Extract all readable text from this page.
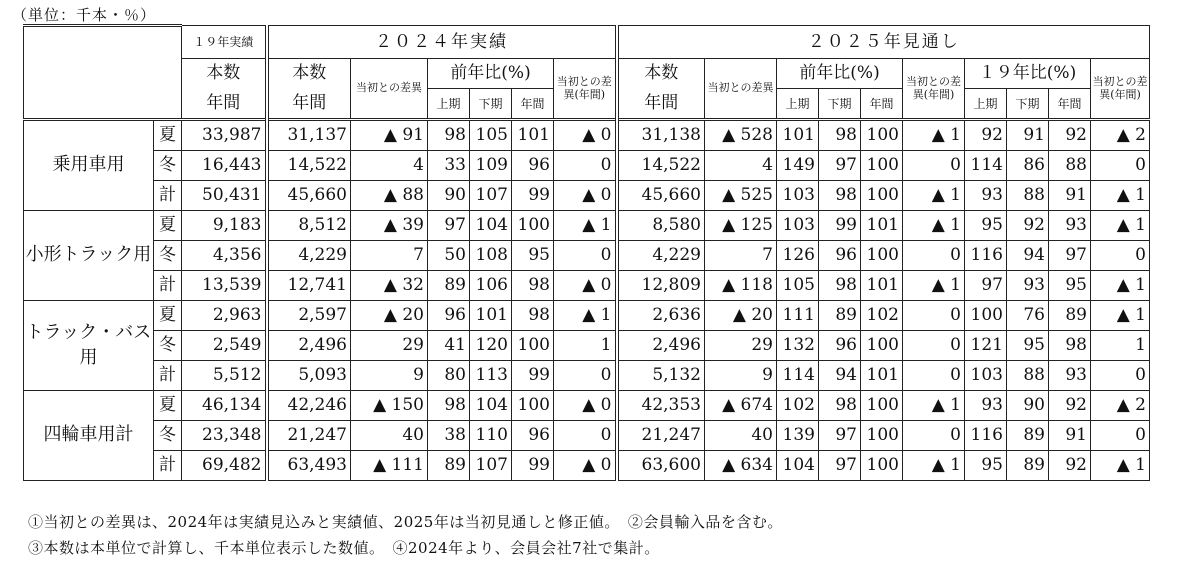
（単位：千本・％）
		１９年実績	２０２４年実績						２０２５年見通し									
		本数	本数	当初との差異	前年比(%)			当初との差異(年間)	本数	当初との差異	前年比(%)			当初との差異(年間)	１９年比(%)			当初との差異(年間)
		年間	年間		上期	下期	年間		年間		上期	下期	年間		上期	下期	年間	
乗用車用	夏	33,987	31,137	▲ 91	98	105	101	▲ 0	31,138	▲ 528	101	98	100	▲ 1	92	91	92	▲ 2
	冬	16,443	14,522	4	33	109	96	0	14,522	4	149	97	100	0	114	86	88	0
	計	50,431	45,660	▲ 88	90	107	99	▲ 0	45,660	▲ 525	103	98	100	▲ 1	93	88	91	▲ 1
小形トラック用	夏	9,183	8,512	▲ 39	97	104	100	▲ 1	8,580	▲ 125	103	99	101	▲ 1	95	92	93	▲ 1
	冬	4,356	4,229	7	50	108	95	0	4,229	7	126	96	100	0	116	94	97	0
	計	13,539	12,741	▲ 32	89	106	98	▲ 0	12,809	▲ 118	105	98	101	▲ 1	97	93	95	▲ 1
トラック・バス用	夏	2,963	2,597	▲ 20	96	101	98	▲ 1	2,636	▲ 20	111	89	102	0	100	76	89	▲ 1
	冬	2,549	2,496	29	41	120	100	1	2,496	29	132	96	100	0	121	95	98	1
	計	5,512	5,093	9	80	113	99	0	5,132	9	114	94	101	0	103	88	93	0
四輪車用計	夏	46,134	42,246	▲ 150	98	104	100	▲ 0	42,353	▲ 674	102	98	100	▲ 1	93	90	92	▲ 2
	冬	23,348	21,247	40	38	110	96	0	21,247	40	139	97	100	0	116	89	91	0
	計	69,482	63,493	▲ 111	89	107	99	▲ 0	63,600	▲ 634	104	97	100	▲ 1	95	89	92	▲ 1
①当初との差異は、2024年は実績見込みと実績値、2025年は当初見通しと修正値。　②会員輸入品を含む。
③本数は本単位で計算し、千本単位表示した数値。　④2024年より、会員会社7社で集計。
